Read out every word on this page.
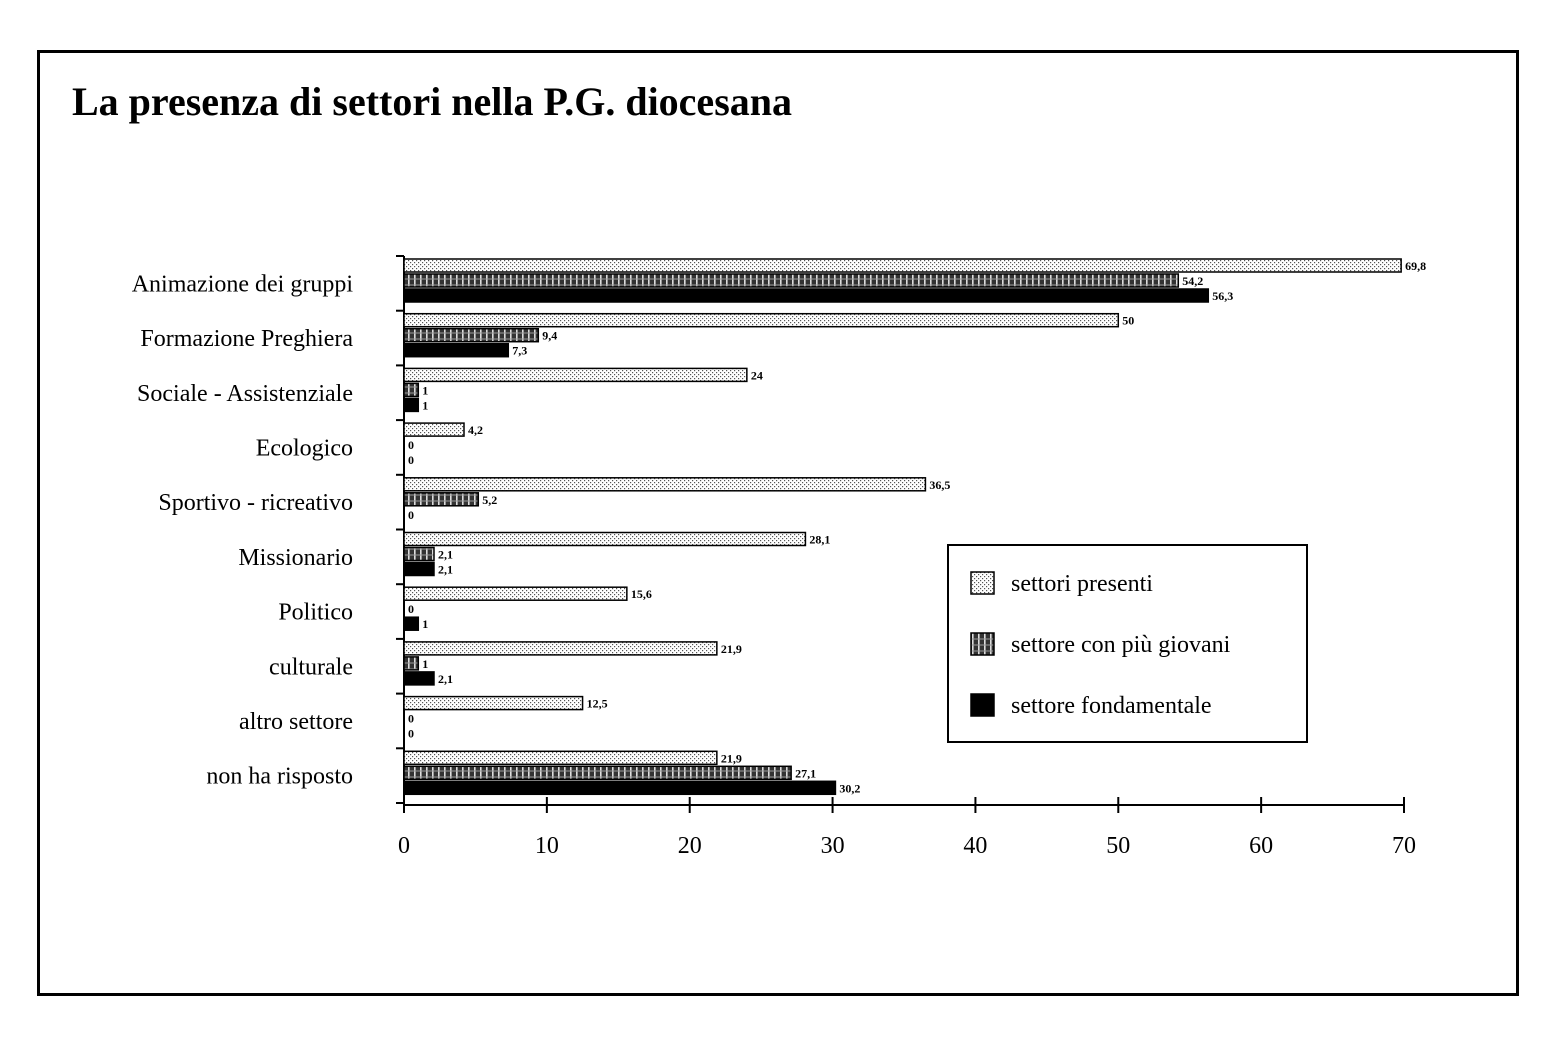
La presenza di settori nella P.G. diocesana
0	10	20	30	40	50	60	70
Animazione dei gruppi
Formazione Preghiera
Sociale - Assistenziale
Ecologico
Sportivo - ricreativo
Missionario
Politico
culturale
altro settore
non ha risposto
69,8
50
24
4,2
36,5
28,1
15,6
21,9
12,5
21,9
54,2
9,4
1
0
5,2
2,1
0
1
0
27,1
56,3
7,3
1
0
0
2,1
1
2,1
0
30,2
settori presenti
settore con più giovani
settore fondamentale
